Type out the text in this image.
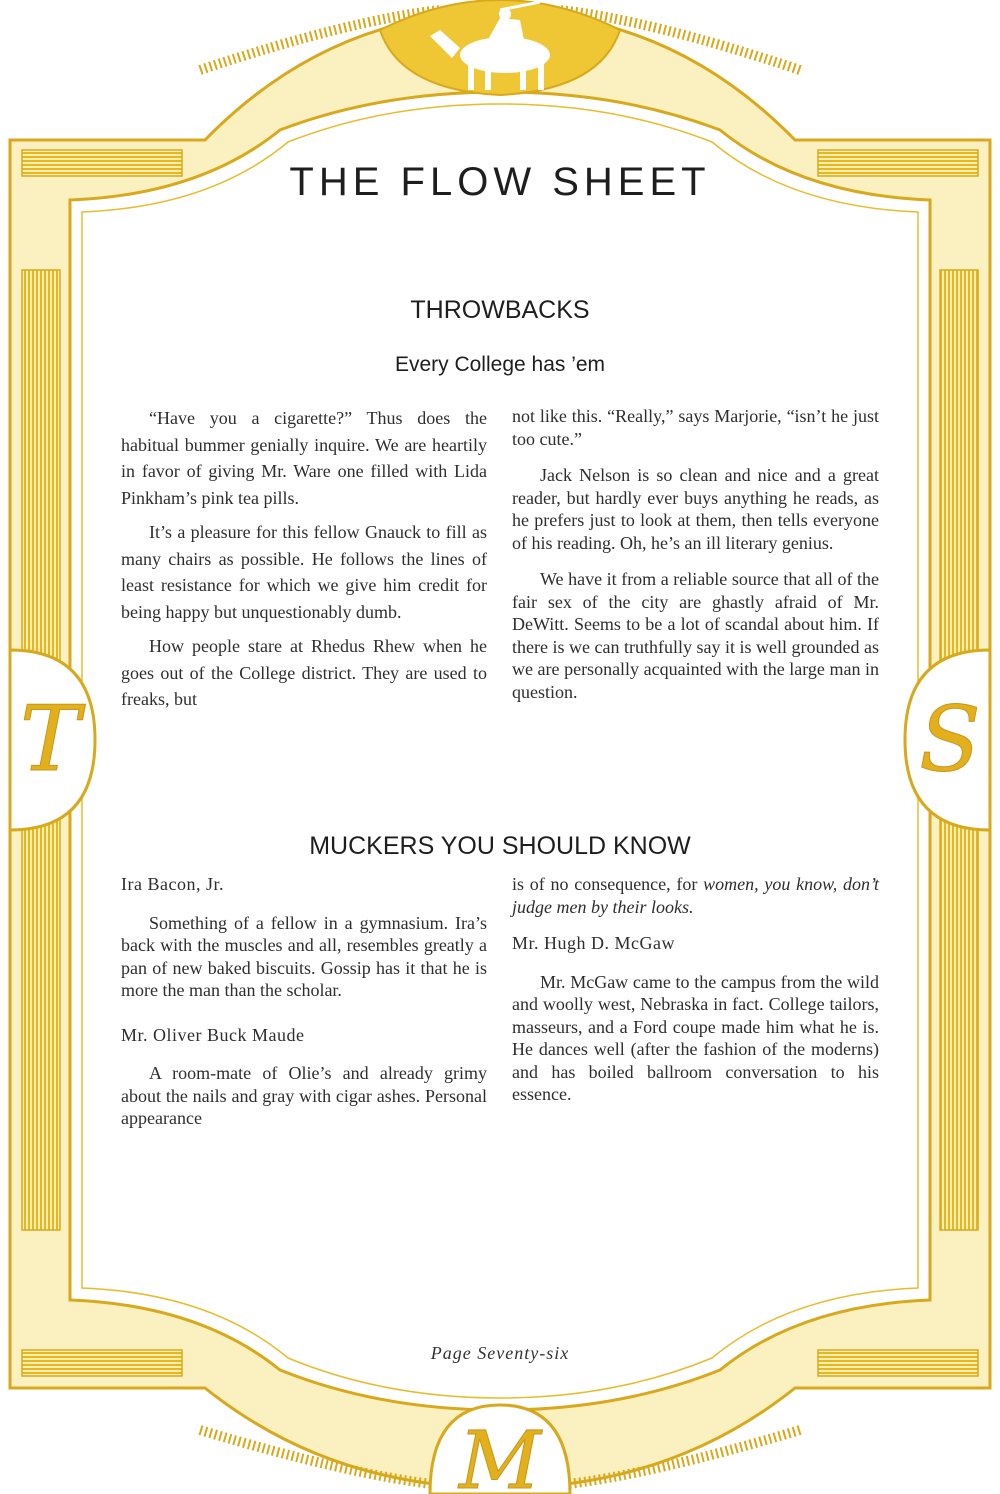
T	S
M
THE FLOW SHEET
THROWBACKS
Every College has ’em

“Have you a cigarette?” Thus does the habitual bummer genially inquire. We are heartily in favor of giving Mr. Ware one filled with Lida Pinkham’s pink tea pills.

It’s a pleasure for this fellow Gnauck to fill as many chairs as possible. He follows the lines of least resistance for which we give him credit for being happy but unquestionably dumb.

How people stare at Rhedus Rhew when he goes out of the College district. They are used to freaks, but

not like this. “Really,” says Marjorie, “isn’t he just too cute.”

Jack Nelson is so clean and nice and a great reader, but hardly ever buys anything he reads, as he prefers just to look at them, then tells everyone of his reading. Oh, he’s an ill literary genius.

We have it from a reliable source that all of the fair sex of the city are ghastly afraid of Mr. DeWitt. Seems to be a lot of scandal about him. If there is we can truthfully say it is well grounded as we are personally acquainted with the large man in question.

MUCKERS YOU SHOULD KNOW

Ira Bacon, Jr.

Something of a fellow in a gymnasium. Ira’s back with the muscles and all, resembles greatly a pan of new baked biscuits. Gossip has it that he is more the man than the scholar.

Mr. Oliver Buck Maude

A room-mate of Olie’s and already grimy about the nails and gray with cigar ashes. Personal appearance

is of no consequence, for women, you know, don’t judge men by their looks.

Mr. Hugh D. McGaw

Mr. McGaw came to the campus from the wild and woolly west, Nebraska in fact. College tailors, masseurs, and a Ford coupe made him what he is. He dances well (after the fashion of the moderns) and has boiled ballroom conversation to his essence.

Page Seventy-six
